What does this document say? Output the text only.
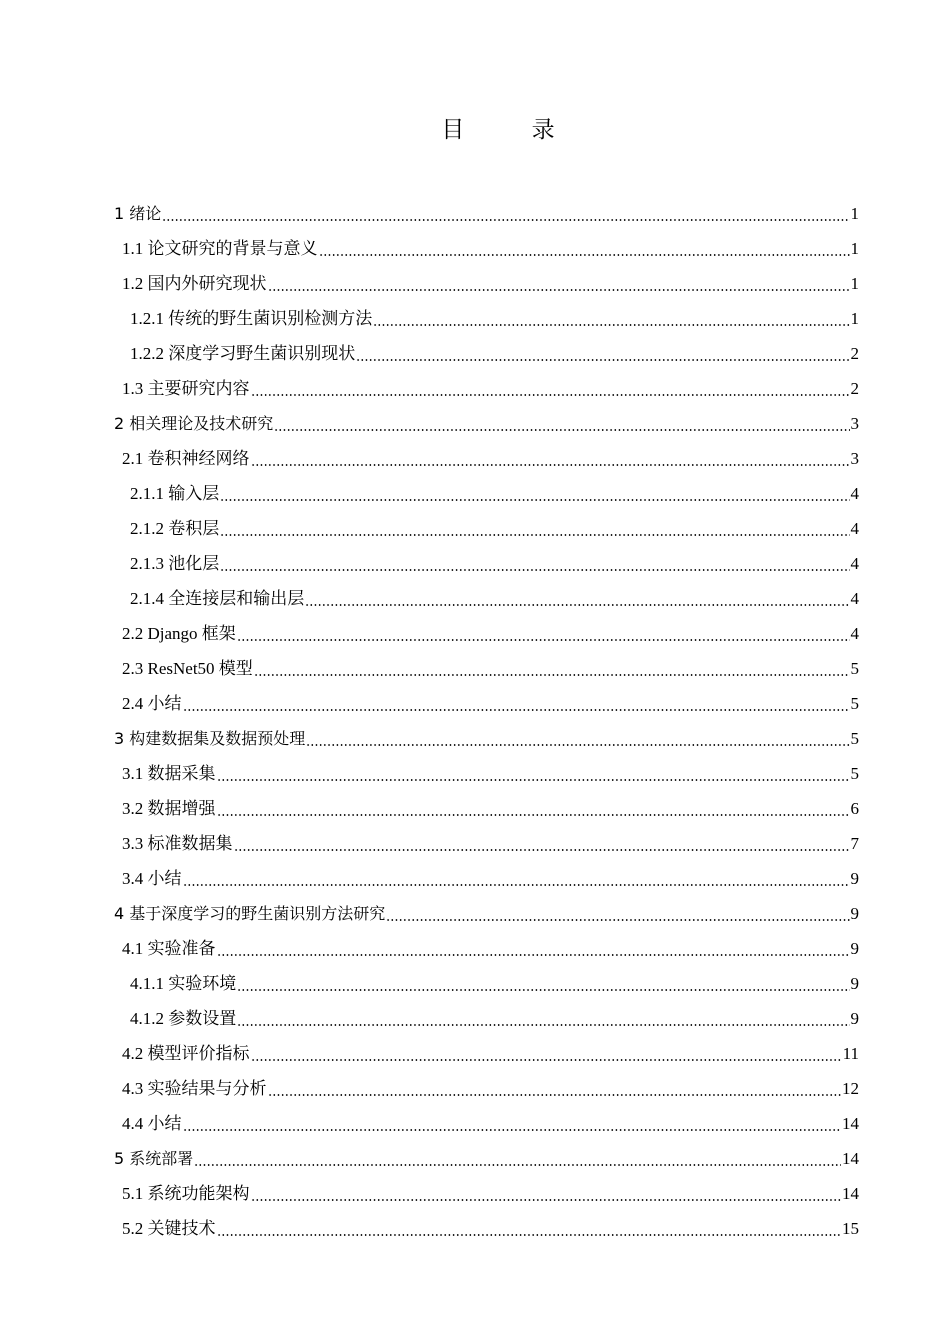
目 录
1 绪论	1
1.1 论文研究的背景与意义	1
1.2 国内外研究现状	1
1.2.1 传统的野生菌识别检测方法	1
1.2.2 深度学习野生菌识别现状	2
1.3 主要研究内容	2
2 相关理论及技术研究	3
2.1 卷积神经网络	3
2.1.1 输入层	4
2.1.2 卷积层	4
2.1.3 池化层	4
2.1.4 全连接层和输出层	4
2.2 Django 框架	4
2.3 ResNet50 模型	5
2.4 小结	5
3 构建数据集及数据预处理	5
3.1 数据采集	5
3.2 数据增强	6
3.3 标准数据集	7
3.4 小结	9
4 基于深度学习的野生菌识别方法研究	9
4.1 实验准备	9
4.1.1 实验环境	9
4.1.2 参数设置	9
4.2 模型评价指标	11
4.3 实验结果与分析	12
4.4 小结	14
5 系统部署	14
5.1 系统功能架构	14
5.2 关键技术	15
